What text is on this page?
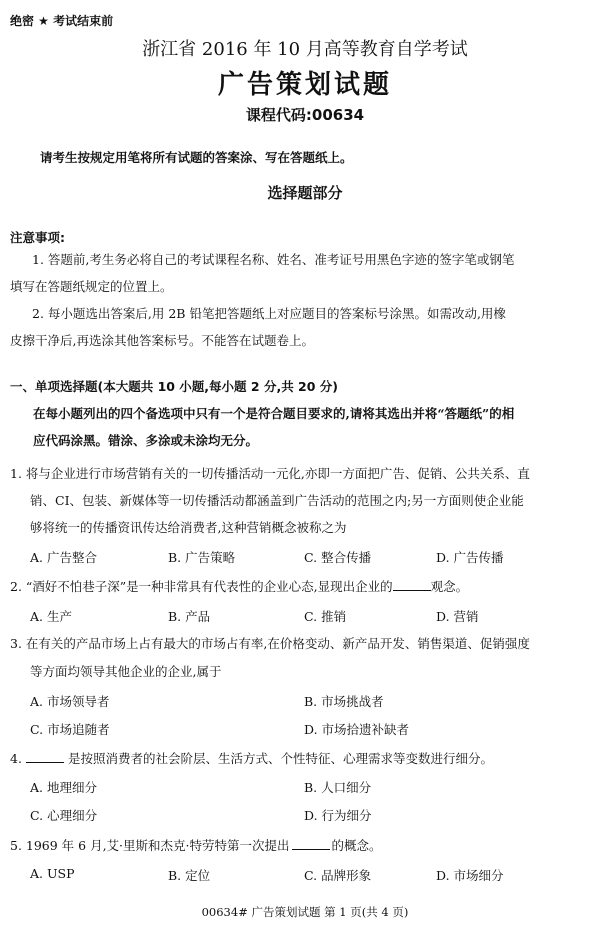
绝密 ★ 考试结束前
浙江省 2016 年 10 月高等教育自学考试
广告策划试题
课程代码:00634
请考生按规定用笔将所有试题的答案涂、写在答题纸上。
选择题部分
注意事项:
1. 答题前,考生务必将自己的考试课程名称、姓名、准考证号用黑色字迹的签字笔或钢笔
填写在答题纸规定的位置上。
2. 每小题选出答案后,用 2B 铅笔把答题纸上对应题目的答案标号涂黑。如需改动,用橡
皮擦干净后,再选涂其他答案标号。不能答在试题卷上。
一、单项选择题(本大题共 10 小题,每小题 2 分,共 20 分)
在每小题列出的四个备选项中只有一个是符合题目要求的,请将其选出并将“答题纸”的相
应代码涂黑。错涂、多涂或未涂均无分。
1. 将与企业进行市场营销有关的一切传播活动一元化,亦即一方面把广告、促销、公共关系、直
销、CI、包装、新媒体等一切传播活动都涵盖到广告活动的范围之内;另一方面则使企业能
够将统一的传播资讯传达给消费者,这种营销概念被称之为
A. 广告整合	B. 广告策略	C. 整合传播	D. 广告传播
2. “酒好不怕巷子深”是一种非常具有代表性的企业心态,显现出企业的	观念。
A. 生产	B. 产品	C. 推销	D. 营销
3. 在有关的产品市场上占有最大的市场占有率,在价格变动、新产品开发、销售渠道、促销强度
等方面均领导其他企业的企业,属于
A. 市场领导者	B. 市场挑战者
C. 市场追随者	D. 市场拾遗补缺者
4.	是按照消费者的社会阶层、生活方式、个性特征、心理需求等变数进行细分。
A. 地理细分	B. 人口细分
C. 心理细分	D. 行为细分
5. 1969 年 6 月,艾·里斯和杰克·特劳特第一次提出	的概念。
A. USP	B. 定位	C. 品牌形象	D. 市场细分
00634# 广告策划试题 第 1 页(共 4 页)
